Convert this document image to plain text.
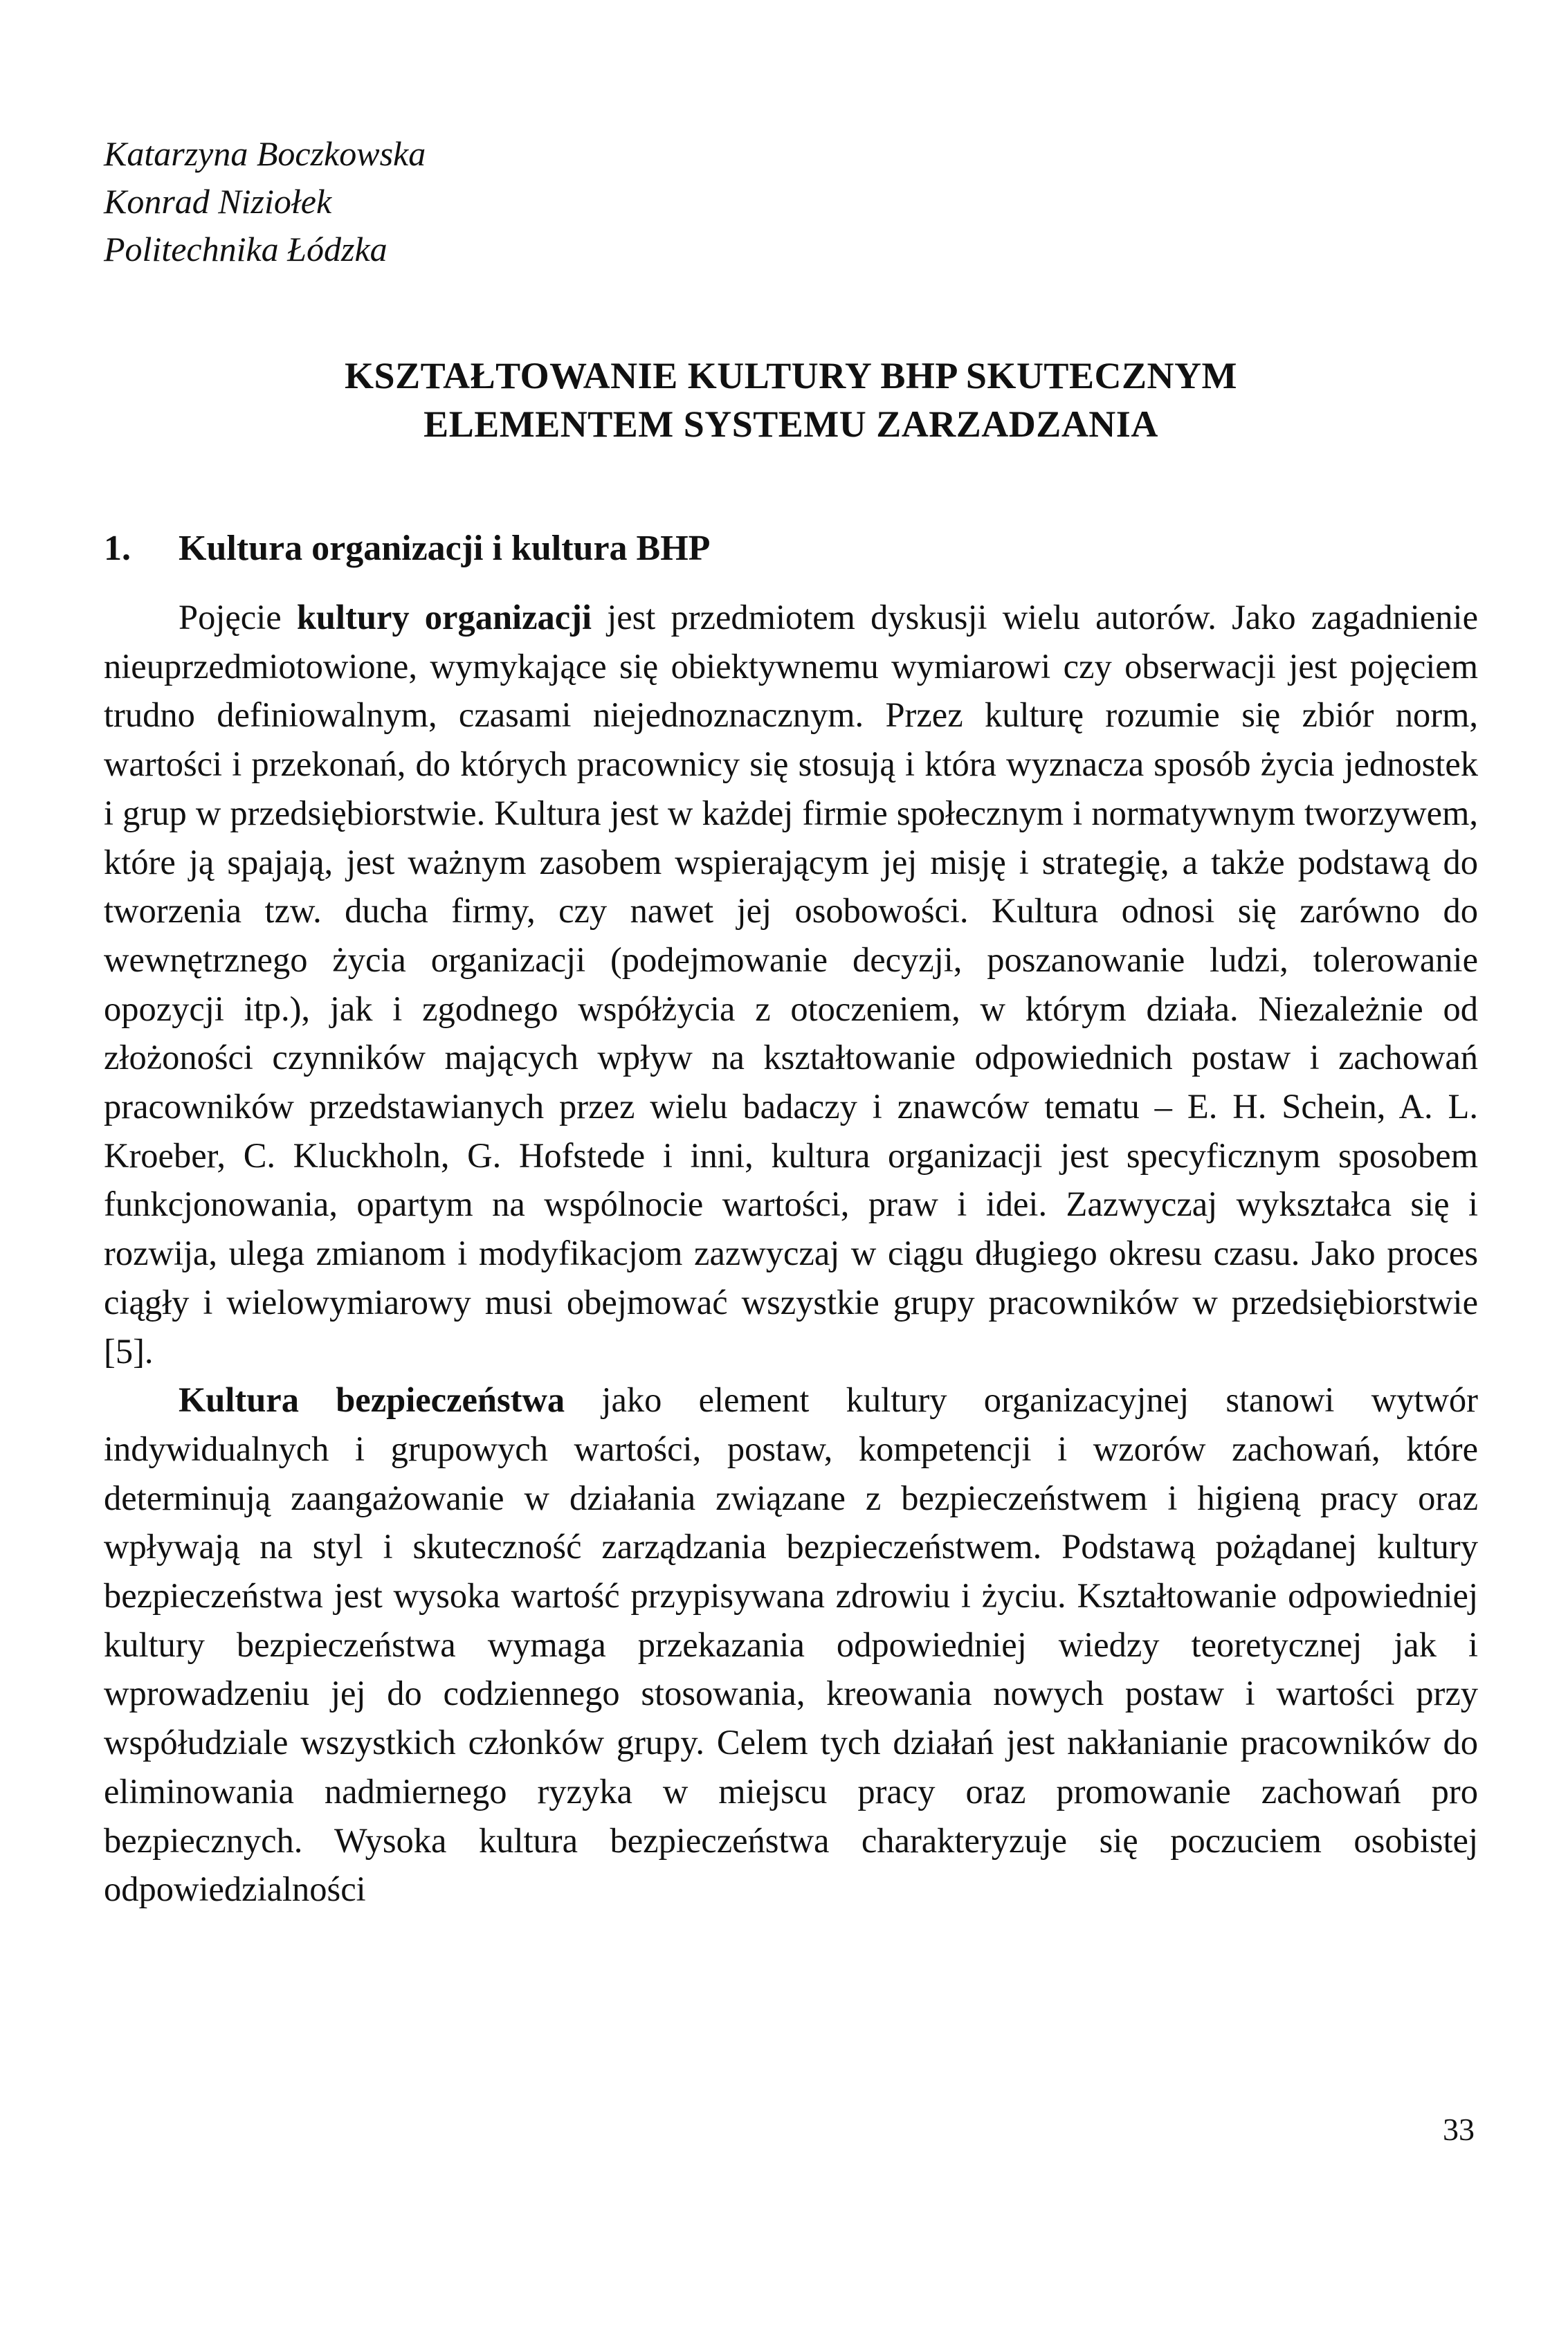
Katarzyna Boczkowska
Konrad Niziołek
Politechnika Łódzka
KSZTAŁTOWANIE KULTURY BHP SKUTECZNYM
ELEMENTEM SYSTEMU ZARZADZANIA
1. Kultura organizacji i kultura BHP

Pojęcie kultury organizacji jest przedmiotem dyskusji wielu autorów. Jako zagadnienie nieuprzedmiotowione, wymykające się obiektywnemu wymiarowi czy obserwacji jest pojęciem trudno definiowalnym, czasami niejednoznacznym. Przez kulturę rozumie się zbiór norm, wartości i przekonań, do których pracownicy się stosują i która wyznacza sposób życia jednostek i grup w przedsiębiorstwie. Kultura jest w każdej firmie społecznym i normatywnym tworzywem, które ją spajają, jest ważnym zasobem wspierającym jej misję i strategię, a także podstawą do tworzenia tzw. ducha firmy, czy nawet jej osobowości. Kultura odnosi się zarówno do wewnętrznego życia organizacji (podejmowanie decyzji, poszanowanie ludzi, tolerowanie opozycji itp.), jak i zgodnego współżycia z otoczeniem, w którym działa. Niezależnie od złożoności czynników mających wpływ na kształtowanie odpowiednich postaw i zachowań pracowników przedstawianych przez wielu badaczy i znawców tematu – E. H. Schein, A. L. Kroeber, C. Kluckholn, G. Hofstede i inni, kultura organizacji jest specyficznym sposobem funkcjonowania, opartym na wspólnocie wartości, praw i idei. Zazwyczaj wykształca się i rozwija, ulega zmianom i modyfikacjom zazwyczaj w ciągu długiego okresu czasu. Jako proces ciągły i wielowymiarowy musi obejmować wszystkie grupy pracowników w przedsiębiorstwie [5].

Kultura bezpieczeństwa jako element kultury organizacyjnej stanowi wytwór indywidualnych i grupowych wartości, postaw, kompetencji i wzorów zachowań, które determinują zaangażowanie w działania związane z bezpieczeństwem i higieną pracy oraz wpływają na styl i skuteczność zarządzania bezpieczeństwem. Podstawą pożądanej kultury bezpieczeństwa jest wysoka wartość przypisywana zdrowiu i życiu. Kształtowanie odpowiedniej kultury bezpieczeństwa wymaga przekazania odpowiedniej wiedzy teoretycznej jak i wprowadzeniu jej do codziennego stosowania, kreowania nowych postaw i wartości przy współudziale wszystkich członków grupy. Celem tych działań jest nakłanianie pracowników do eliminowania nadmiernego ryzyka w miejscu pracy oraz promowanie zachowań pro bezpiecznych. Wysoka kultura bezpieczeństwa charakteryzuje się poczuciem osobistej odpowiedzialności

33
